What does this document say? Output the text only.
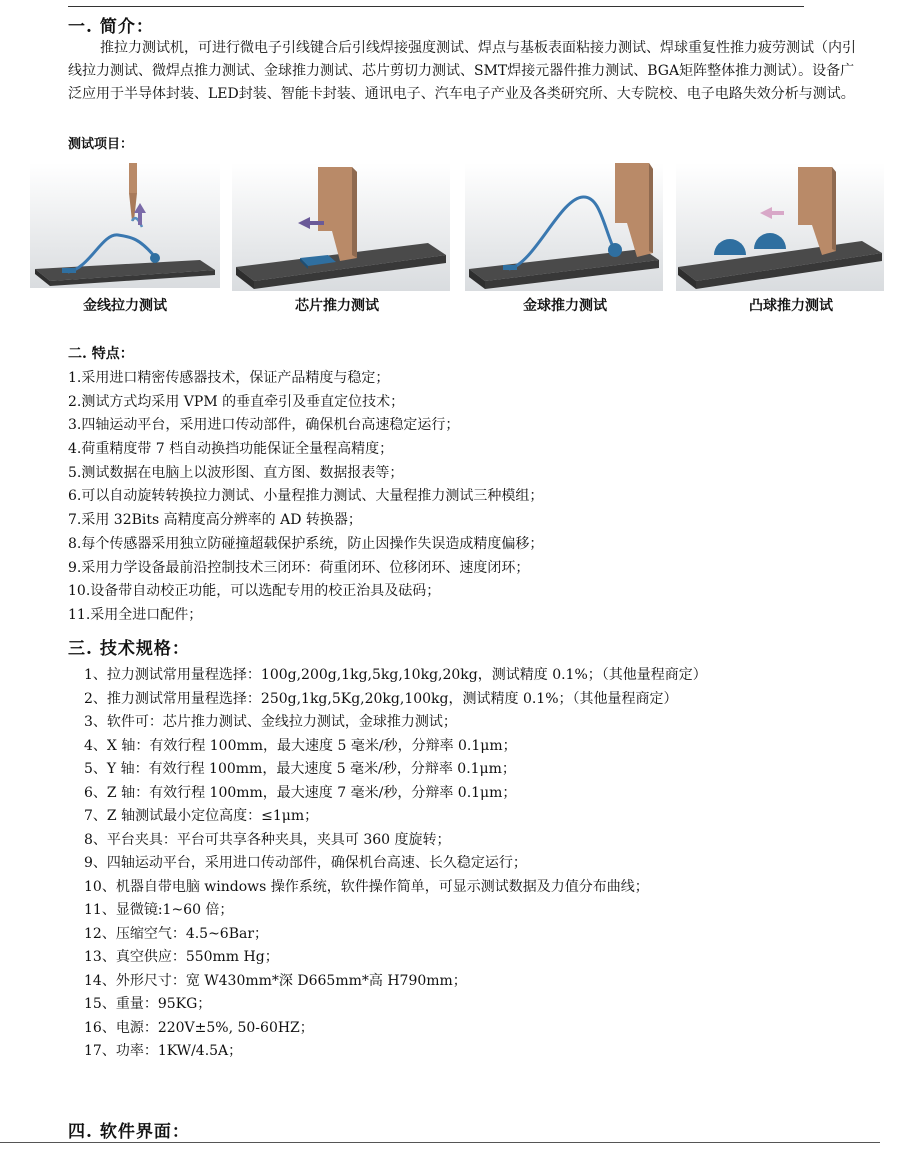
一. 简介：
推拉力测试机，可进行微电子引线键合后引线焊接强度测试、焊点与基板表面粘接力测试、焊球重复性推力疲劳测试（内引线拉力测试、微焊点推力测试、金球推力测试、芯片剪切力测试、SMT焊接元器件推力测试、BGA矩阵整体推力测试）。设备广泛应用于半导体封装、LED封装、智能卡封装、通讯电子、汽车电子产业及各类研究所、大专院校、电子电路失效分析与测试。
测试项目：
金线拉力测试	芯片推力测试	金球推力测试	凸球推力测试
二. 特点：
1.采用进口精密传感器技术，保证产品精度与稳定；
2.测试方式均采用 VPM 的垂直牵引及垂直定位技术；
3.四轴运动平台，采用进口传动部件，确保机台高速稳定运行；
4.荷重精度带 7 档自动换挡功能保证全量程高精度；
5.测试数据在电脑上以波形图、直方图、数据报表等；
6.可以自动旋转转换拉力测试、小量程推力测试、大量程推力测试三种模组；
7.采用 32Bits 高精度高分辨率的 AD 转换器；
8.每个传感器采用独立防碰撞超载保护系统，防止因操作失误造成精度偏移；
9.采用力学设备最前沿控制技术三闭环：荷重闭环、位移闭环、速度闭环；
10.设备带自动校正功能，可以选配专用的校正治具及砝码；
11.采用全进口配件；
三. 技术规格：
1、拉力测试常用量程选择：100g,200g,1kg,5kg,10kg,20kg，测试精度 0.1%；（其他量程商定）
2、推力测试常用量程选择：250g,1kg,5Kg,20kg,100kg，测试精度 0.1%；（其他量程商定）
3、软件可：芯片推力测试、金线拉力测试，金球推力测试；
4、X 轴：有效行程 100mm，最大速度 5 毫米/秒，分辩率 0.1μm；
5、Y 轴：有效行程 100mm，最大速度 5 毫米/秒，分辩率 0.1μm；
6、Z 轴：有效行程 100mm，最大速度 7 毫米/秒，分辩率 0.1μm；
7、Z 轴测试最小定位高度：≤1μm；
8、平台夹具：平台可共享各种夹具，夹具可 360 度旋转；
9、四轴运动平台，采用进口传动部件，确保机台高速、长久稳定运行；
10、机器自带电脑 windows 操作系统，软件操作简单，可显示测试数据及力值分布曲线；
11、显微镜:1~60 倍；
12、压缩空气：4.5~6Bar；
13、真空供应：550mm Hg；
14、外形尺寸：宽 W430mm*深 D665mm*高 H790mm；
15、重量：95KG；
16、电源：220V±5%, 50-60HZ；
17、功率：1KW/4.5A；
四. 软件界面：
